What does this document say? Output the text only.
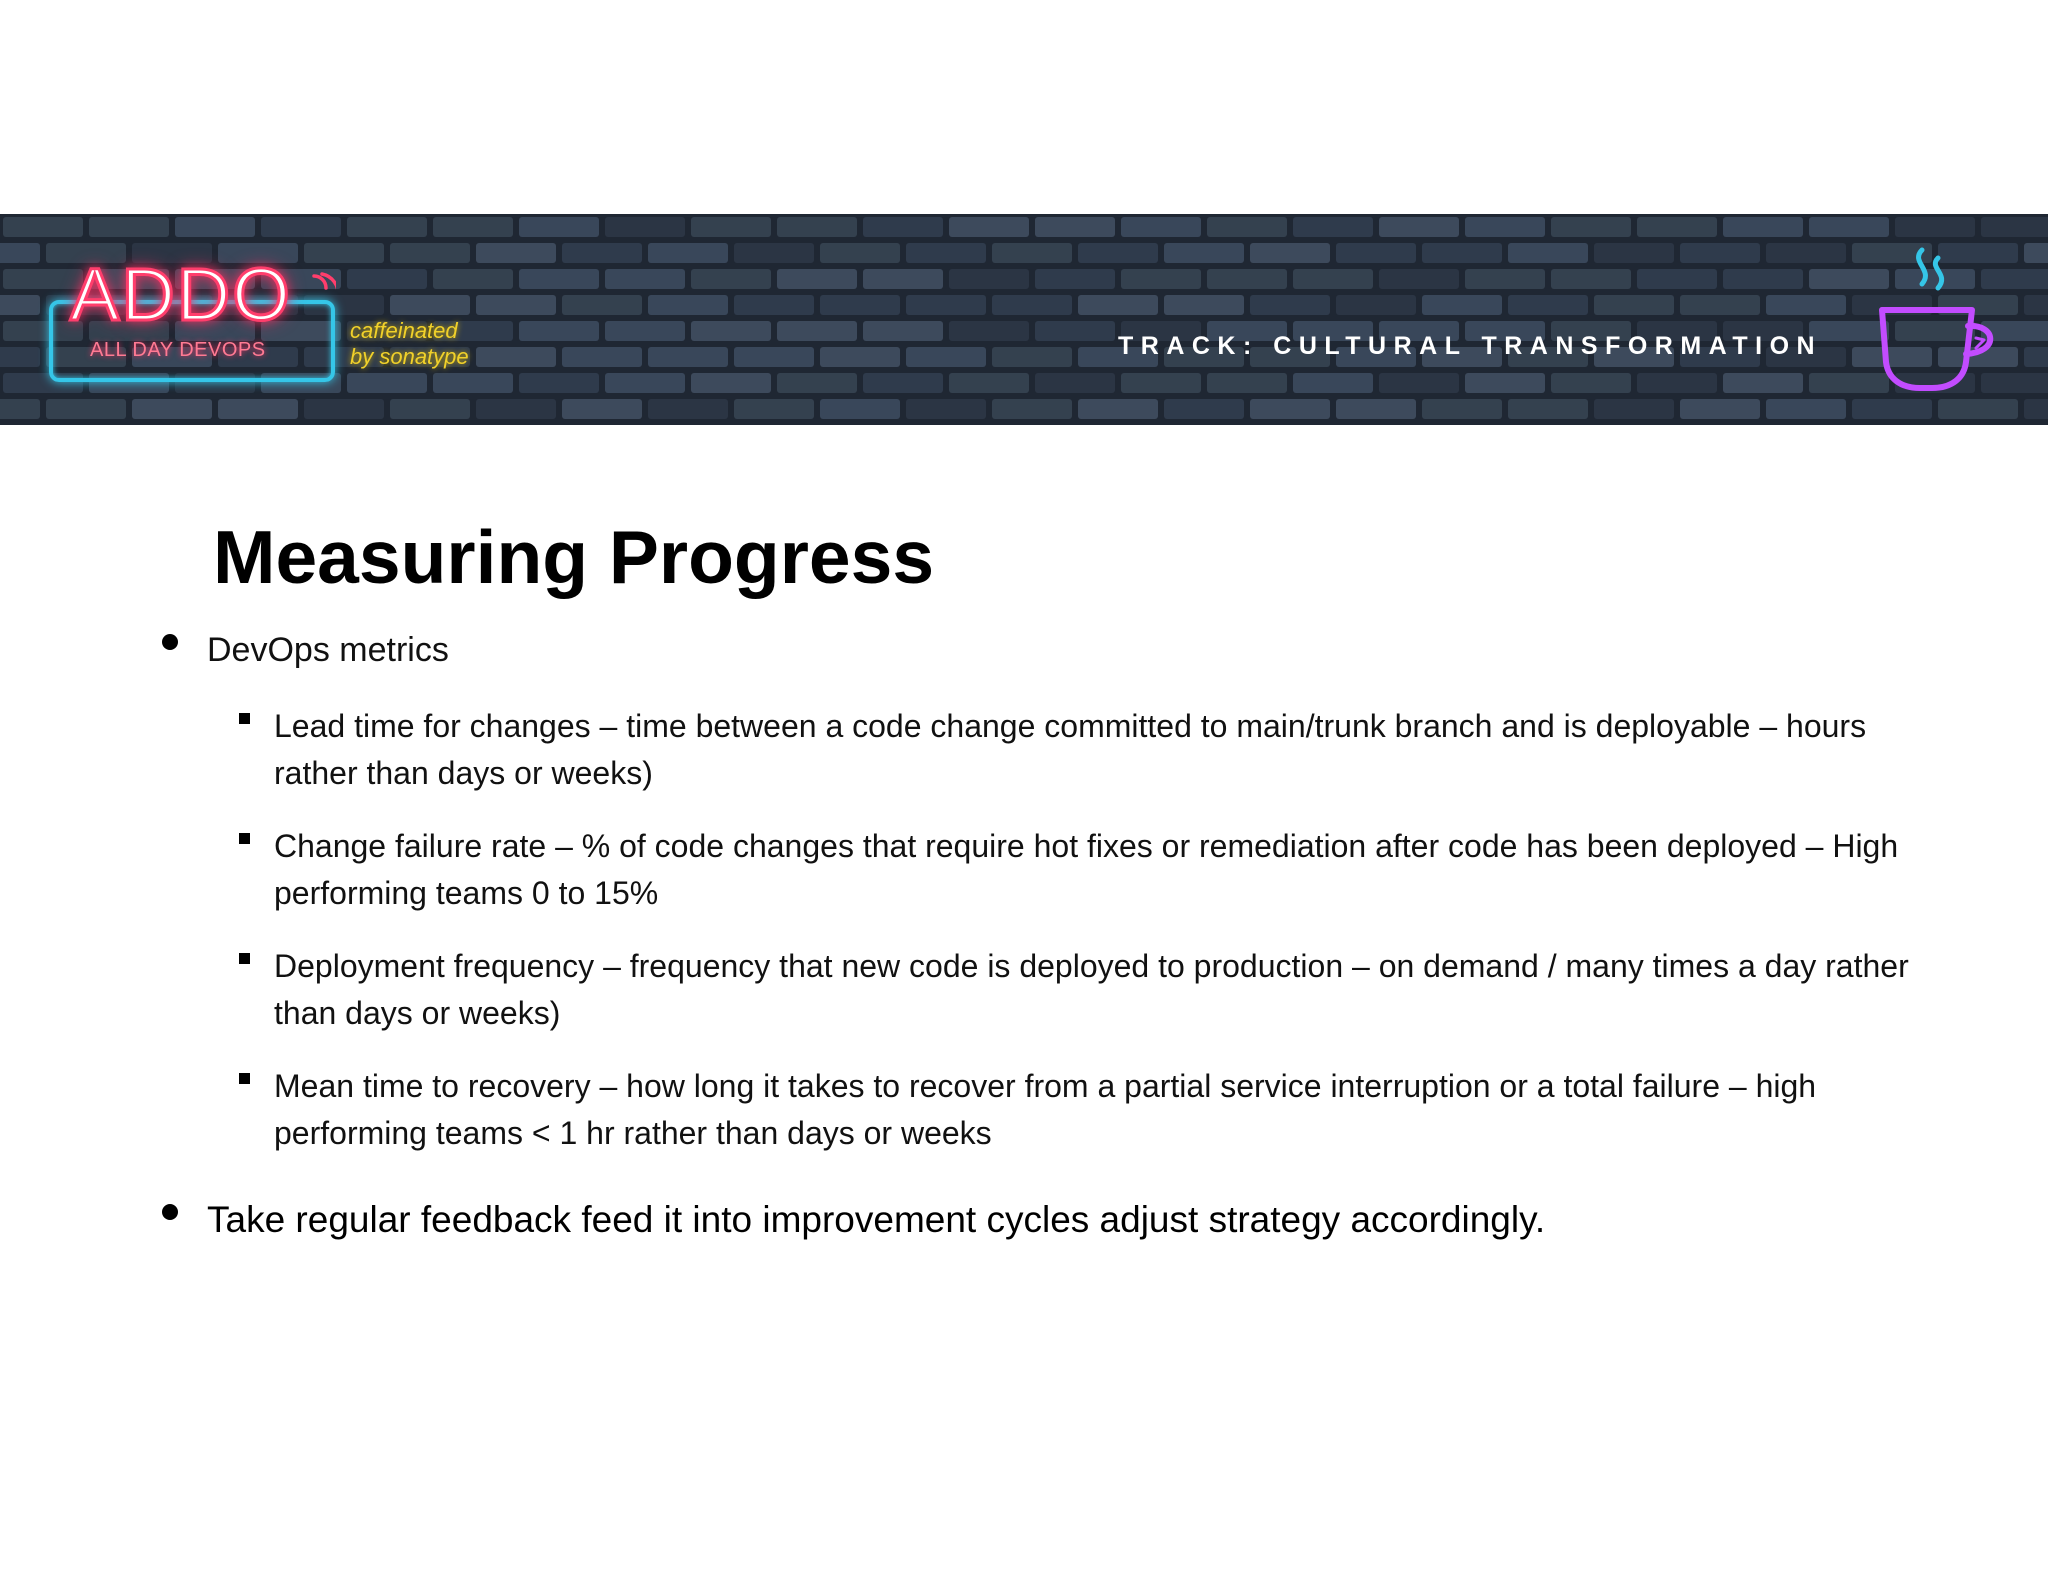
ADDO
ALL DAY DEVOPS
caffeinated
by sonatype	TRACK: CULTURAL TRANSFORMATION
Measuring Progress
DevOps metrics
Lead time for changes – time between a code change committed to main/trunk branch and is deployable – hours rather than days or weeks)
Change failure rate – % of code changes that require hot fixes or remediation after code has been deployed – High performing teams 0 to 15%
Deployment frequency – frequency that new code is deployed to production – on demand / many times a day rather than days or weeks)
Mean time to recovery – how long it takes to recover from a partial service interruption or a total failure – high performing teams < 1 hr rather than days or weeks
Take regular feedback feed it into improvement cycles adjust strategy accordingly.
